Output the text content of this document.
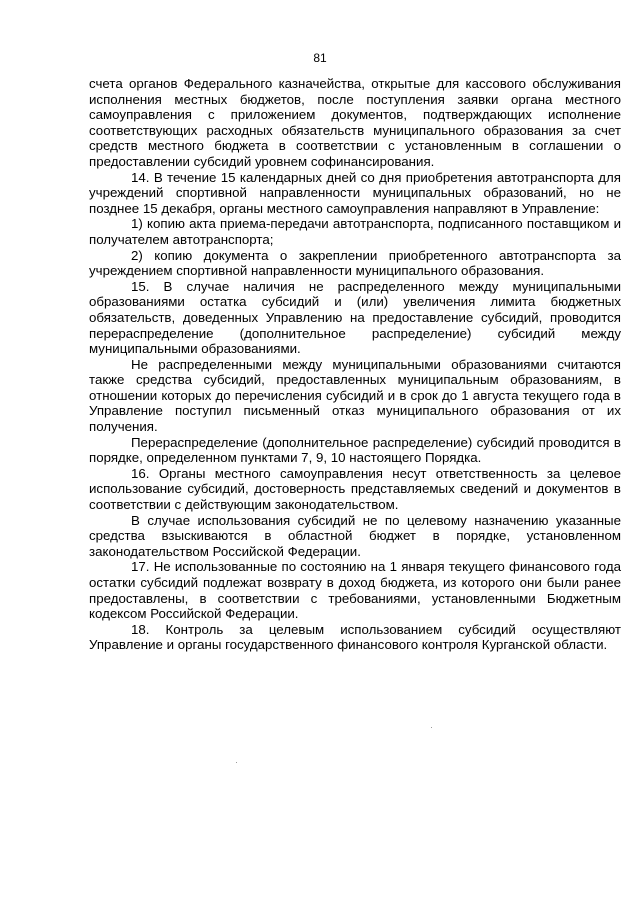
81

счета органов Федерального казначейства, открытые для кассового обслуживания исполнения местных бюджетов, после поступления заявки органа местного самоуправления с приложением документов, подтверждающих исполнение соответствующих расходных обязательств муниципального образования за счет средств местного бюджета в соответствии с установленным в соглашении о предоставлении субсидий уровнем софинансирования.

14. В течение 15 календарных дней со дня приобретения автотранспорта для учреждений спортивной направленности муниципальных образований, но не позднее 15 декабря, органы местного самоуправления направляют в Управление:

1) копию акта приема-передачи автотранспорта, подписанного поставщиком и получателем автотранспорта;

2) копию документа о закреплении приобретенного автотранспорта за учреждением спортивной направленности муниципального образования.

15. В случае наличия не распределенного между муниципальными образованиями остатка субсидий и (или) увеличения лимита бюджетных обязательств, доведенных Управлению на предоставление субсидий, проводится перераспределение (дополнительное распределение) субсидий между муниципальными образованиями.

Не распределенными между муниципальными образованиями считаются также средства субсидий, предоставленных муниципальным образованиям, в отношении которых до перечисления субсидий и в срок до 1 августа текущего года в Управление поступил письменный отказ муниципального образования от их получения.

Перераспределение (дополнительное распределение) субсидий проводится в порядке, определенном пунктами 7, 9, 10 настоящего Порядка.

16. Органы местного самоуправления несут ответственность за целевое использование субсидий, достоверность представляемых сведений и документов в соответствии с действующим законодательством.

В случае использования субсидий не по целевому назначению указанные средства взыскиваются в областной бюджет в порядке, установленном законодательством Российской Федерации.

17. Не использованные по состоянию на 1 января текущего финансового года остатки субсидий подлежат возврату в доход бюджета, из которого они были ранее предоставлены, в соответствии с требованиями, установленными Бюджетным кодексом Российской Федерации.

18. Контроль за целевым использованием субсидий осуществляют Управление и органы государственного финансового контроля Курганской области.
